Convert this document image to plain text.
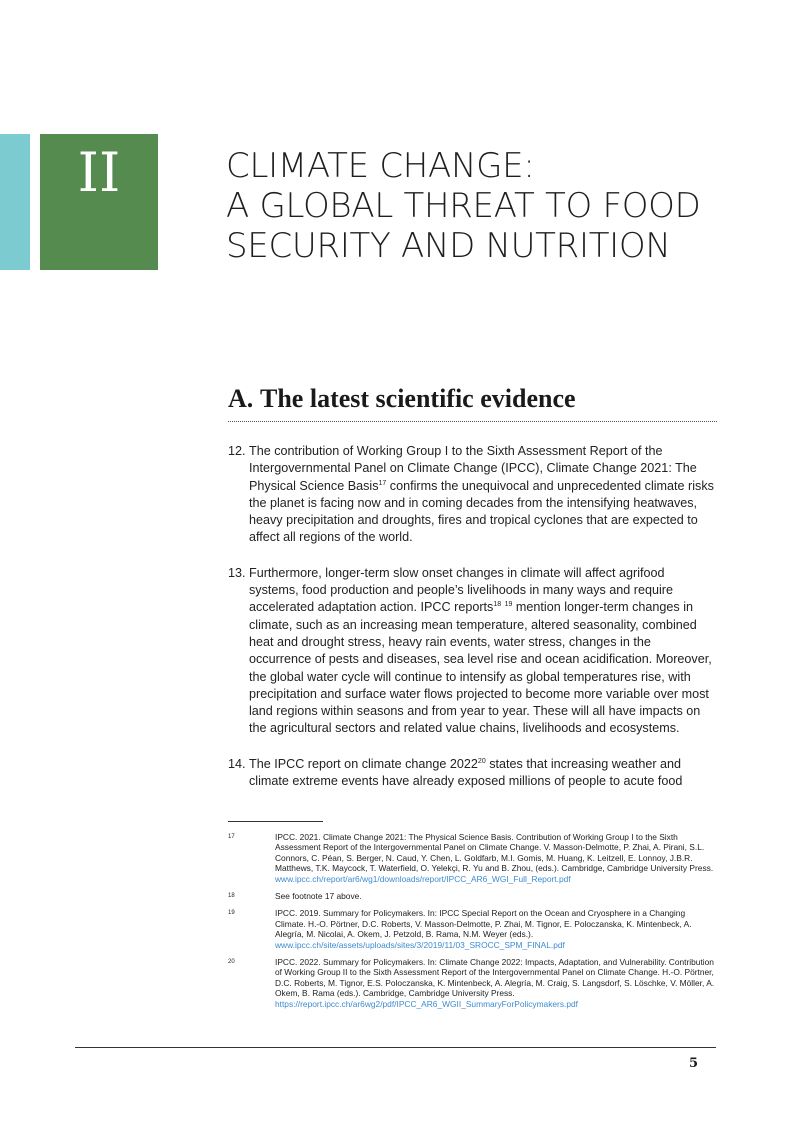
II	CLIMATE CHANGE:
A GLOBAL THREAT TO FOOD
SECURITY AND NUTRITION
A. The latest scientific evidence

12. The contribution of Working Group I to the Sixth Assessment Report of the Intergovernmental Panel on Climate Change (IPCC), Climate Change 2021: The Physical Science Basis$^{17}$ confirms the unequivocal and unprecedented climate risks the planet is facing now and in coming decades from the intensifying heatwaves, heavy precipitation and droughts, fires and tropical cyclones that are expected to affect all regions of the world.

13. Furthermore, longer-term slow onset changes in climate will affect agrifood systems, food production and people’s livelihoods in many ways and require accelerated adaptation action. IPCC reports$^{18}$ $^{19}$ mention longer-term changes in climate, such as an increasing mean temperature, altered seasonality, combined heat and drought stress, heavy rain events, water stress, changes in the occurrence of pests and diseases, sea level rise and ocean acidification. Moreover, the global water cycle will continue to intensify as global temperatures rise, with precipitation and surface water flows projected to become more variable over most land regions within seasons and from year to year. These will all have impacts on the agricultural sectors and related value chains, livelihoods and ecosystems.

14. The IPCC report on climate change 2022$^{20}$ states that increasing weather and climate extreme events have already exposed millions of people to acute food

17	IPCC. 2021. Climate Change 2021: The Physical Science Basis. Contribution of Working Group I to the Sixth Assessment Report of the Intergovernmental Panel on Climate Change. V. Masson-Delmotte, P. Zhai, A. Pirani, S.L. Connors, C. Péan, S. Berger, N. Caud, Y. Chen, L. Goldfarb, M.I. Gomis, M. Huang, K. Leitzell, E. Lonnoy, J.B.R. Matthews, T.K. Maycock, T. Waterfield, O. Yelekçi, R. Yu and B. Zhou, (eds.). Cambridge, Cambridge University Press.
www.ipcc.ch/report/ar6/wg1/downloads/report/IPCC_AR6_WGI_Full_Report.pdf
18	See footnote 17 above.
19	IPCC. 2019. Summary for Policymakers. In: IPCC Special Report on the Ocean and Cryosphere in a Changing Climate. H.-O. Pörtner, D.C. Roberts, V. Masson-Delmotte, P. Zhai, M. Tignor, E. Poloczanska, K. Mintenbeck, A. Alegría, M. Nicolai, A. Okem, J. Petzold, B. Rama, N.M. Weyer (eds.).
www.ipcc.ch/site/assets/uploads/sites/3/2019/11/03_SROCC_SPM_FINAL.pdf
20	IPCC. 2022. Summary for Policymakers. In: Climate Change 2022: Impacts, Adaptation, and Vulnerability. Contribution of Working Group II to the Sixth Assessment Report of the Intergovernmental Panel on Climate Change. H.-O. Pörtner, D.C. Roberts, M. Tignor, E.S. Poloczanska, K. Mintenbeck, A. Alegría, M. Craig, S. Langsdorf, S. Löschke, V. Möller, A. Okem, B. Rama (eds.). Cambridge, Cambridge University Press.
https://report.ipcc.ch/ar6wg2/pdf/IPCC_AR6_WGII_SummaryForPolicymakers.pdf
5
